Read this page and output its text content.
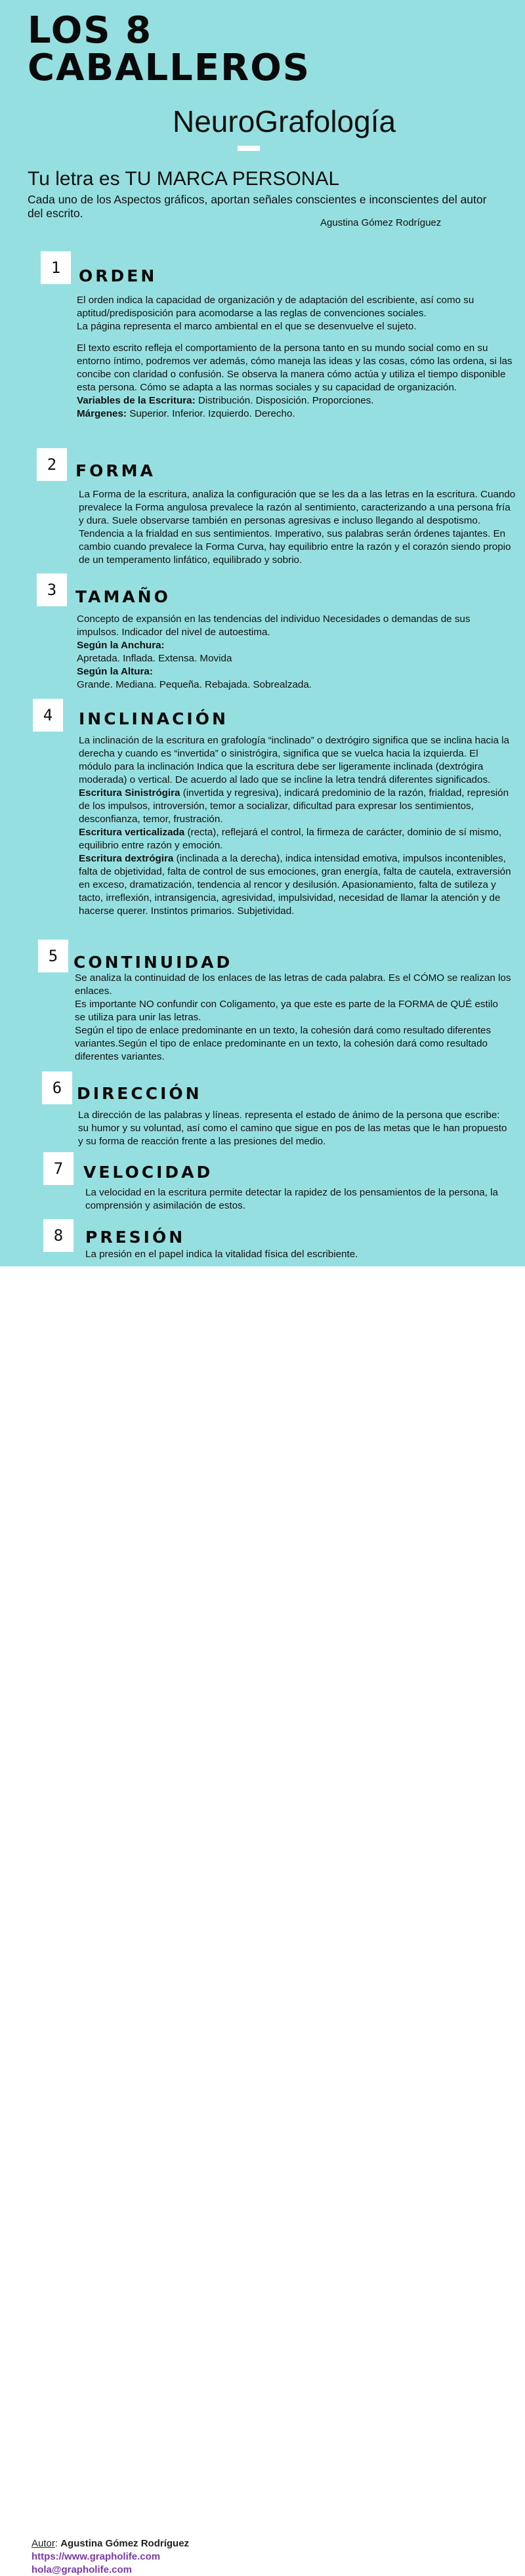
LOS 8
CABALLEROS
NeuroGrafología
Tu letra es TU MARCA PERSONAL
Cada uno de los Aspectos gráficos, aportan señales conscientes e inconscientes del autor del escrito.
Agustina Gómez Rodríguez
1	ORDEN

El orden indica la capacidad de organización y de adaptación del escribiente, así como su aptitud/predisposición para acomodarse a las reglas de convenciones sociales.

La página representa el marco ambiental en el que se desenvuelve el sujeto.

El texto escrito refleja el comportamiento de la persona tanto en su mundo social como en su entorno íntimo, podremos ver además, cómo maneja las ideas y las cosas, cómo las ordena, si las concibe con claridad o confusión. Se observa la manera cómo actúa y utiliza el tiempo disponible esta persona. Cómo se adapta a las normas sociales y su capacidad de organización.

Variables de la Escritura: Distribución. Disposición. Proporciones.

Márgenes: Superior. Inferior. Izquierdo. Derecho.

2	FORMA

La Forma de la escritura, analiza la configuración que se les da a las letras en la escritura. Cuando prevalece la Forma angulosa prevalece la razón al sentimiento, caracterizando a una persona fría y dura. Suele observarse también en personas agresivas e incluso llegando al despotismo. Tendencia a la frialdad en sus sentimientos. Imperativo, sus palabras serán órdenes tajantes. En cambio cuando prevalece la Forma Curva, hay equilibrio entre la razón y el corazón siendo propio de un temperamento linfático, equilibrado y sobrio.

3	TAMAÑO

Concepto de expansión en las tendencias del individuo Necesidades o demandas de sus impulsos. Indicador del nivel de autoestima.

Según la Anchura:

Apretada. Inflada. Extensa. Movida

Según la Altura:

Grande. Mediana. Pequeña. Rebajada. Sobrealzada.

4	INCLINACIÓN

La inclinación de la escritura en grafología “inclinado” o dextrógiro significa que se inclina hacia la derecha y cuando es “invertida” o sinistrógira, significa que se vuelca hacia la izquierda. El módulo para la inclinación Indica que la escritura debe ser ligeramente inclinada (dextrógira moderada) o vertical. De acuerdo al lado que se incline la letra tendrá diferentes significados. Escritura Sinistrógira (invertida y regresiva), indicará predominio de la razón, frialdad, represión de los impulsos, introversión, temor a socializar, dificultad para expresar los sentimientos, desconfianza, temor, frustración.

Escritura verticalizada (recta), reflejará el control, la firmeza de carácter, dominio de sí mismo, equilibrio entre razón y emoción.

Escritura dextrógira (inclinada a la derecha), indica intensidad emotiva, impulsos incontenibles, falta de objetividad, falta de control de sus emociones, gran energía, falta de cautela, extraversión en exceso, dramatización, tendencia al rencor y desilusión. Apasionamiento, falta de sutileza y tacto, irreflexión, intransigencia, agresividad, impulsividad, necesidad de llamar la atención y de hacerse querer. Instintos primarios. Subjetividad.

5 CONTINUIDAD

Se analiza la continuidad de los enlaces de las letras de cada palabra. Es el CÓMO se realizan los enlaces.

Es importante NO confundir con Coligamento, ya que este es parte de la FORMA de QUÉ estilo se utiliza para unir las letras.

Según el tipo de enlace predominante en un texto, la cohesión dará como resultado diferentes variantes.Según el tipo de enlace predominante en un texto, la cohesión dará como resultado diferentes variantes.

6 DIRECCIÓN

La dirección de las palabras y líneas. representa el estado de ánimo de la persona que escribe: su humor y su voluntad, así como el camino que sigue en pos de las metas que le han propuesto y su forma de reacción frente a las presiones del medio.

7	VELOCIDAD

La velocidad en la escritura permite detectar la rapidez de los pensamientos de la persona, la comprensión y asimilación de estos.

8	PRESIÓN

La presión en el papel indica la vitalidad física del escribiente.

Autor: Agustina Gómez Rodríguez
https://www.grapholife.com
hola@grapholife.com
